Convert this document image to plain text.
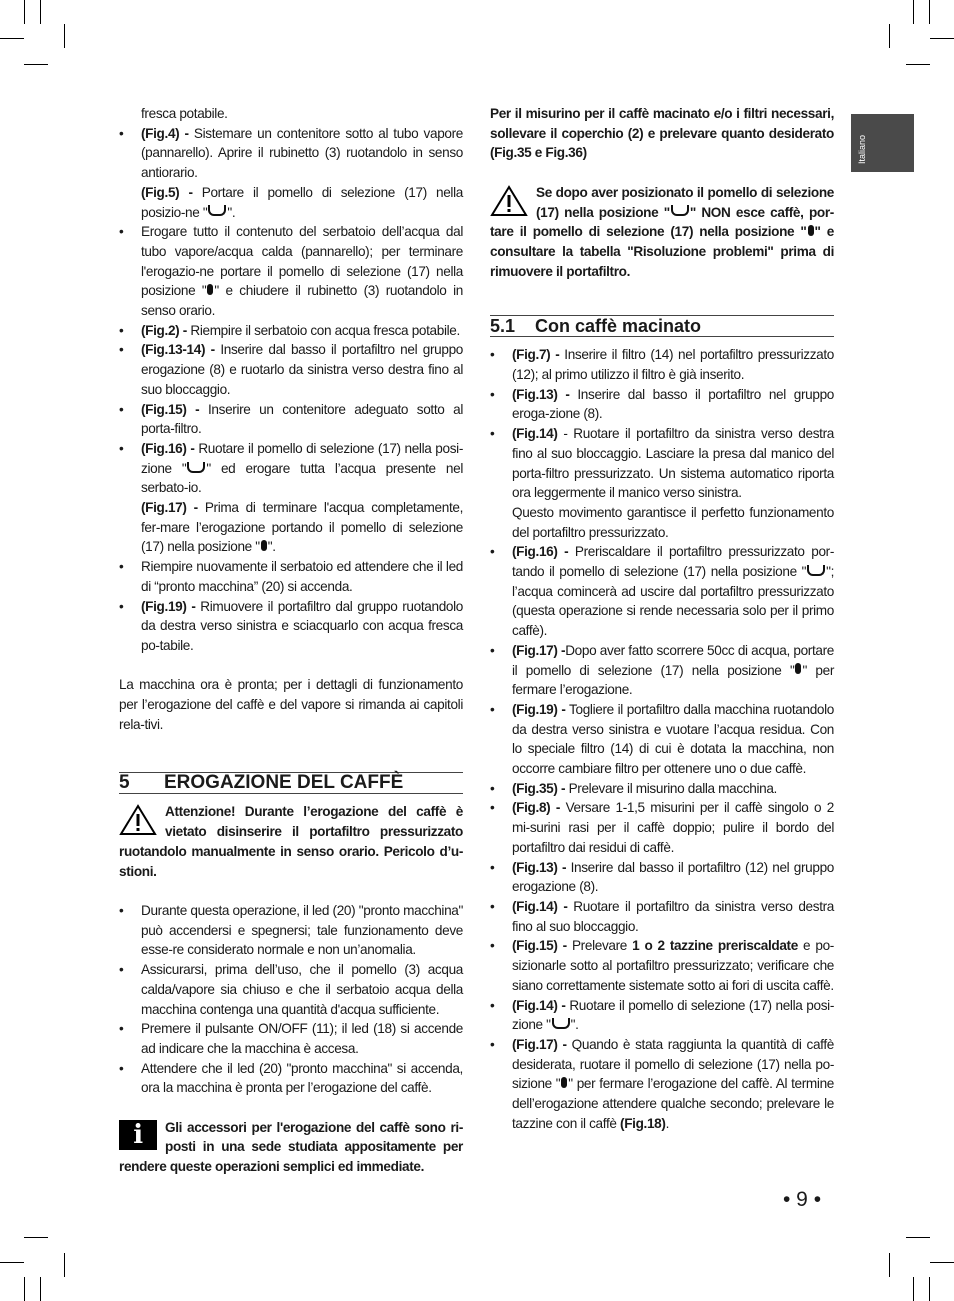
Italiano
fresca potabile.
• (Fig.4) - Sistemare un contenitore sotto al tubo vapore (pannarello). Aprire il rubinetto (3) ruotandolo in senso antiorario.
(Fig.5) - Portare il pomello di selezione (17) nella posizio-ne " ".
• Erogare tutto il contenuto del serbatoio dell’acqua dal tubo vapore/acqua calda (pannarello); per terminare l'erogazio-ne portare il pomello di selezione (17) nella posizione " " e chiudere il rubinetto (3) ruotandolo in senso orario.
• (Fig.2) - Riempire il serbatoio con acqua fresca potabile.
• (Fig.13-14) - Inserire dal basso il portafiltro nel gruppo erogazione (8) e ruotarlo da sinistra verso destra fino al suo bloccaggio.
• (Fig.15) - Inserire un contenitore adeguato sotto al porta-filtro.
• (Fig.16) - Ruotare il pomello di selezione (17) nella posi-zione " " ed erogare tutta l’acqua presente nel serbato-io.
(Fig.17) - Prima di terminare l'acqua completamente, fer-mare l’erogazione portando il pomello di selezione (17) nella posizione " ".
• Riempire nuovamente il serbatoio ed attendere che il led di “pronto macchina” (20) si accenda.
• (Fig.19) - Rimuovere il portafiltro dal gruppo ruotandolo da destra verso sinistra e sciacquarlo con acqua fresca po-tabile.
La macchina ora è pronta; per i dettagli di funzionamento per l’erogazione del caffè e del vapore si rimanda ai capitoli rela-tivi.
5	EROGAZIONE DEL CAFFÈ
Attenzione! Durante l’erogazione del caffè è vietato disinserire il portafiltro pressurizzato ruotandolo manualmente in senso orario. Pericolo d’u-stioni.
• Durante questa operazione, il led (20) "pronto macchina" può accendersi e spegnersi; tale funzionamento deve esse-re considerato normale e non un’anomalia.
• Assicurarsi, prima dell’uso, che il pomello (3) acqua calda/vapore sia chiuso e che il serbatoio acqua della macchina contenga una quantità d'acqua sufficiente.
• Premere il pulsante ON/OFF (11); il led (18) si accende ad indicare che la macchina è accesa.
• Attendere che il led (20) "pronto macchina" si accenda, ora la macchina è pronta per l’erogazione del caffè.
i	Gli accessori per l'erogazione del caffè sono ri-posti in una sede studiata appositamente per rendere queste operazioni semplici ed immediate.
Per il misurino per il caffè macinato e/o i filtri necessari, sollevare il coperchio (2) e prelevare quanto desiderato (Fig.35 e Fig.36)
Se dopo aver posizionato il pomello di selezione (17) nella posizione " " NON esce caffè, por-tare il pomello di selezione (17) nella posizione " " e consultare la tabella "Risoluzione problemi" prima di rimuovere il portafiltro.
5.1	Con caffè macinato
• (Fig.7) - Inserire il filtro (14) nel portafiltro pressurizzato (12); al primo utilizzo il filtro è già inserito.
• (Fig.13) - Inserire dal basso il portafiltro nel gruppo eroga-zione (8).
• (Fig.14) - Ruotare il portafiltro da sinistra verso destra fino al suo bloccaggio. Lasciare la presa dal manico del porta-filtro pressurizzato. Un sistema automatico riporta ora leggermente il manico verso sinistra.
Questo movimento garantisce il perfetto funzionamento del portafiltro pressurizzato.
• (Fig.16) - Preriscaldare il portafiltro pressurizzato por-tando il pomello di selezione (17) nella posizione " "; l’acqua comincerà ad uscire dal portafiltro pressurizzato (questa operazione si rende necessaria solo per il primo caffè).
• (Fig.17) -Dopo aver fatto scorrere 50cc di acqua, portare il pomello di selezione (17) nella posizione " " per fermare l’erogazione.
• (Fig.19) - Togliere il portafiltro dalla macchina ruotandolo da destra verso sinistra e vuotare l’acqua residua. Con lo speciale filtro (14) di cui è dotata la macchina, non occorre cambiare filtro per ottenere uno o due caffè.
• (Fig.35) - Prelevare il misurino dalla macchina.
• (Fig.8) - Versare 1-1,5 misurini per il caffè singolo o 2 mi-surini rasi per il caffè doppio; pulire il bordo del portafiltro dai residui di caffè.
• (Fig.13) - Inserire dal basso il portafiltro (12) nel gruppo erogazione (8).
• (Fig.14) - Ruotare il portafiltro da sinistra verso destra fino al suo bloccaggio.
• (Fig.15) - Prelevare 1 o 2 tazzine preriscaldate e po-sizionarle sotto al portafiltro pressurizzato; verificare che siano correttamente sistemate sotto ai fori di uscita caffè.
• (Fig.14) - Ruotare il pomello di selezione (17) nella posi-zione " ".
• (Fig.17) - Quando è stata raggiunta la quantità di caffè desiderata, ruotare il pomello di selezione (17) nella po-sizione " " per fermare l’erogazione del caffè. Al termine dell’erogazione attendere qualche secondo; prelevare le tazzine con il caffè (Fig.18).
• 9 •
